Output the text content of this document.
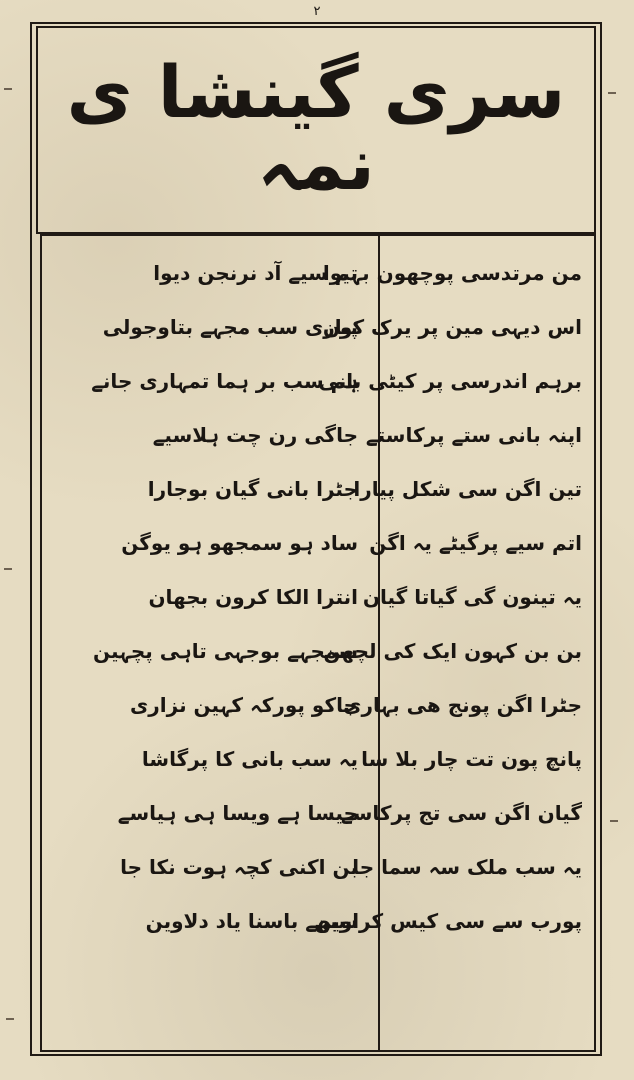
٢
سری گینشا ی نمہ
من مرتدسی پوچھون بہیوا
اس دیہی مین پر یرک کون
برہم اندرسی پر کیٹی بانی
اپنہ بانی ستے پرکاستے
تین اگن سی شکل پیارا
اتم سیے پرگیٹے یہ اگن
یہ تینون گی گیاتا گیان
بن بن کہون ایک کی لچھن
جٹرا اگن پونج ھی بہاری
پانچ پون تت چار بلا سا
گیان اگن سی تج پرکاسے
یہ سب ملک سہ سما جا
پورب سے سی کیس کراوین
تم سیے آد نرنجن دیوا
پیاری سب مجہے بتاوجولی
ہم سب بر ہما تمہاری جانے
جاگی رن چت ہلاسیے
جٹرا بانی گیان بوجارا
ساد ہو سمجھو ہو یوگن
انترا الکا کرون بجھان
سمجہے بوجہی تاہی پچہین
جاکو پورکہ کہین نزاری
یہ سب بانی کا پرگاشا
جیسا ہے ویسا ہی ہیاسے
بن اکنی کچہ ہوت نکا جا
سبھے باسنا یاد دلاوین
